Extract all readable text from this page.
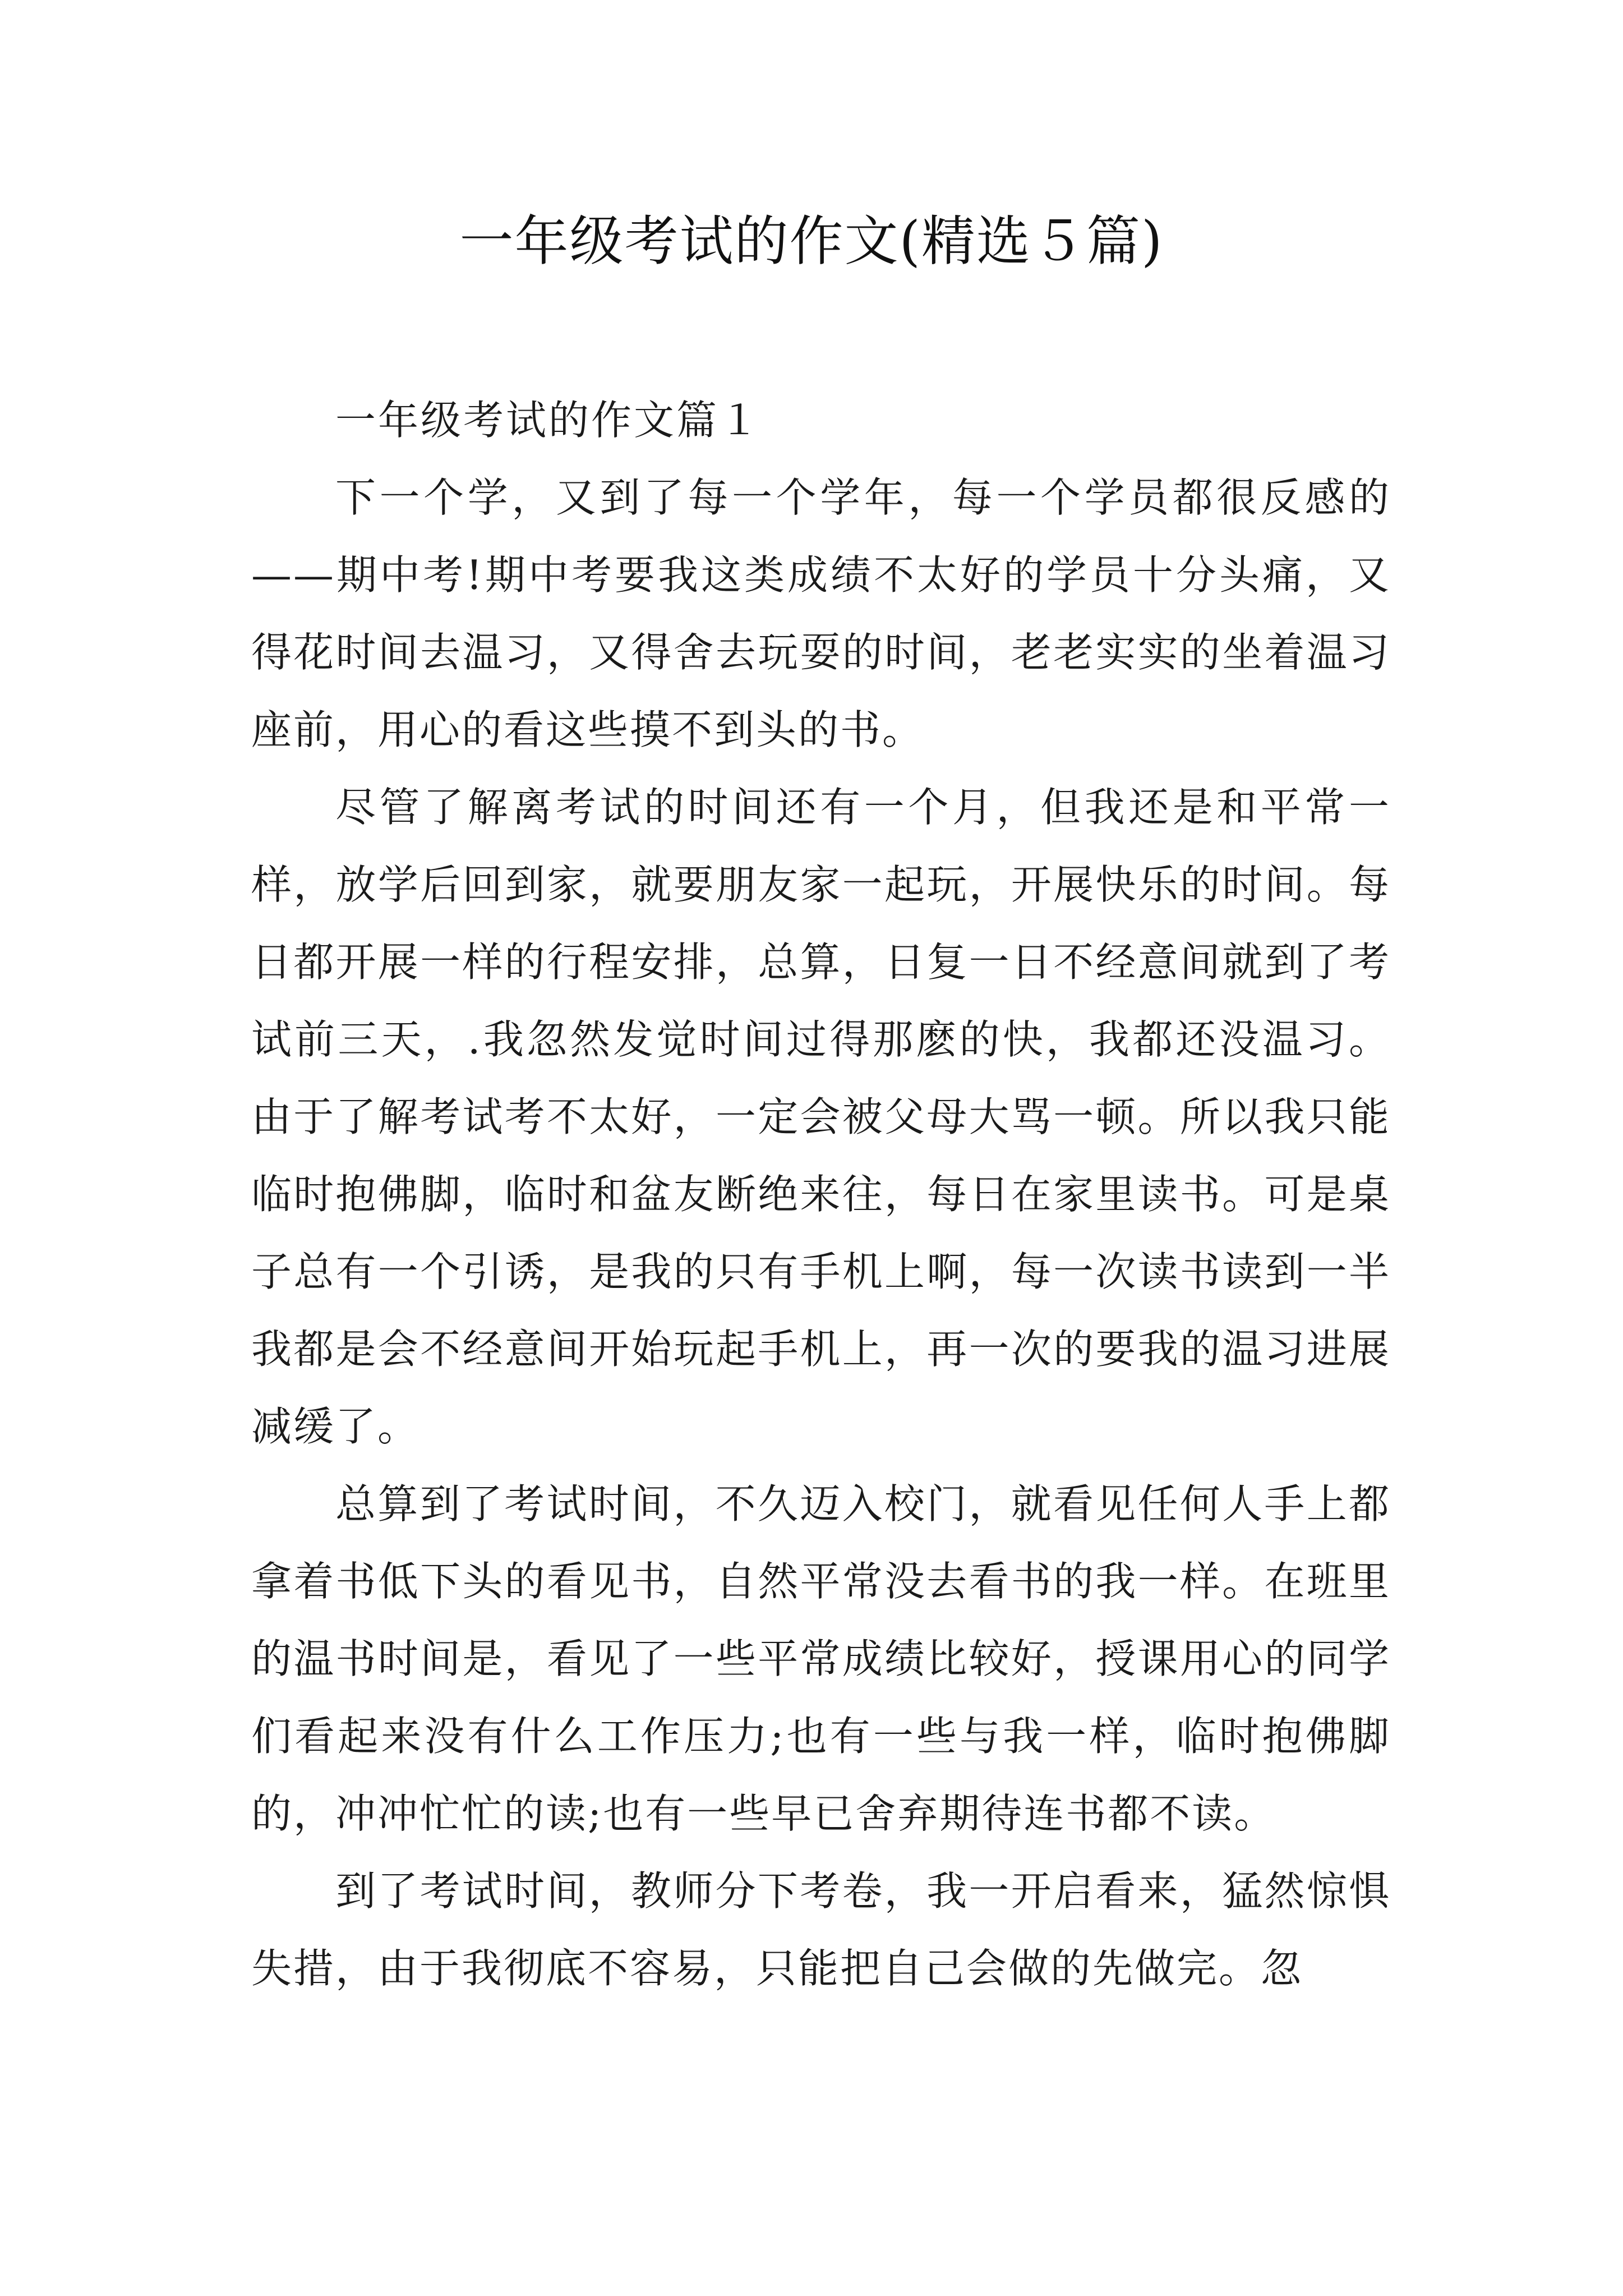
一年级考试的作文(精选５篇)

一年级考试的作文篇１

下一个学，又到了每一个学年，每一个学员都很反感的——期中考!期中考要我这类成绩不太好的学员十分头痛，又得花时间去温习，又得舍去玩耍的时间，老老实实的坐着温习座前，用心的看这些摸不到头的书。

尽管了解离考试的时间还有一个月，但我还是和平常一样，放学后回到家，就要朋友家一起玩，开展快乐的时间。每日都开展一样的行程安排，总算，日复一日不经意间就到了考试前三天，.我忽然发觉时间过得那麽的快，我都还没温习。由于了解考试考不太好，一定会被父母大骂一顿。所以我只能临时抱佛脚，临时和盆友断绝来往，每日在家里读书。可是桌子总有一个引诱，是我的只有手机上啊，每一次读书读到一半我都是会不经意间开始玩起手机上，再一次的要我的温习进展减缓了。

总算到了考试时间，不久迈入校门，就看见任何人手上都拿着书低下头的看见书，自然平常没去看书的我一样。在班里的温书时间是，看见了一些平常成绩比较好，授课用心的同学们看起来没有什么工作压力;也有一些与我一样，临时抱佛脚的，冲冲忙忙的读;也有一些早已舍弃期待连书都不读。

到了考试时间，教师分下考卷，我一开启看来，猛然惊惧失措，由于我彻底不容易，只能把自己会做的先做完。忽
